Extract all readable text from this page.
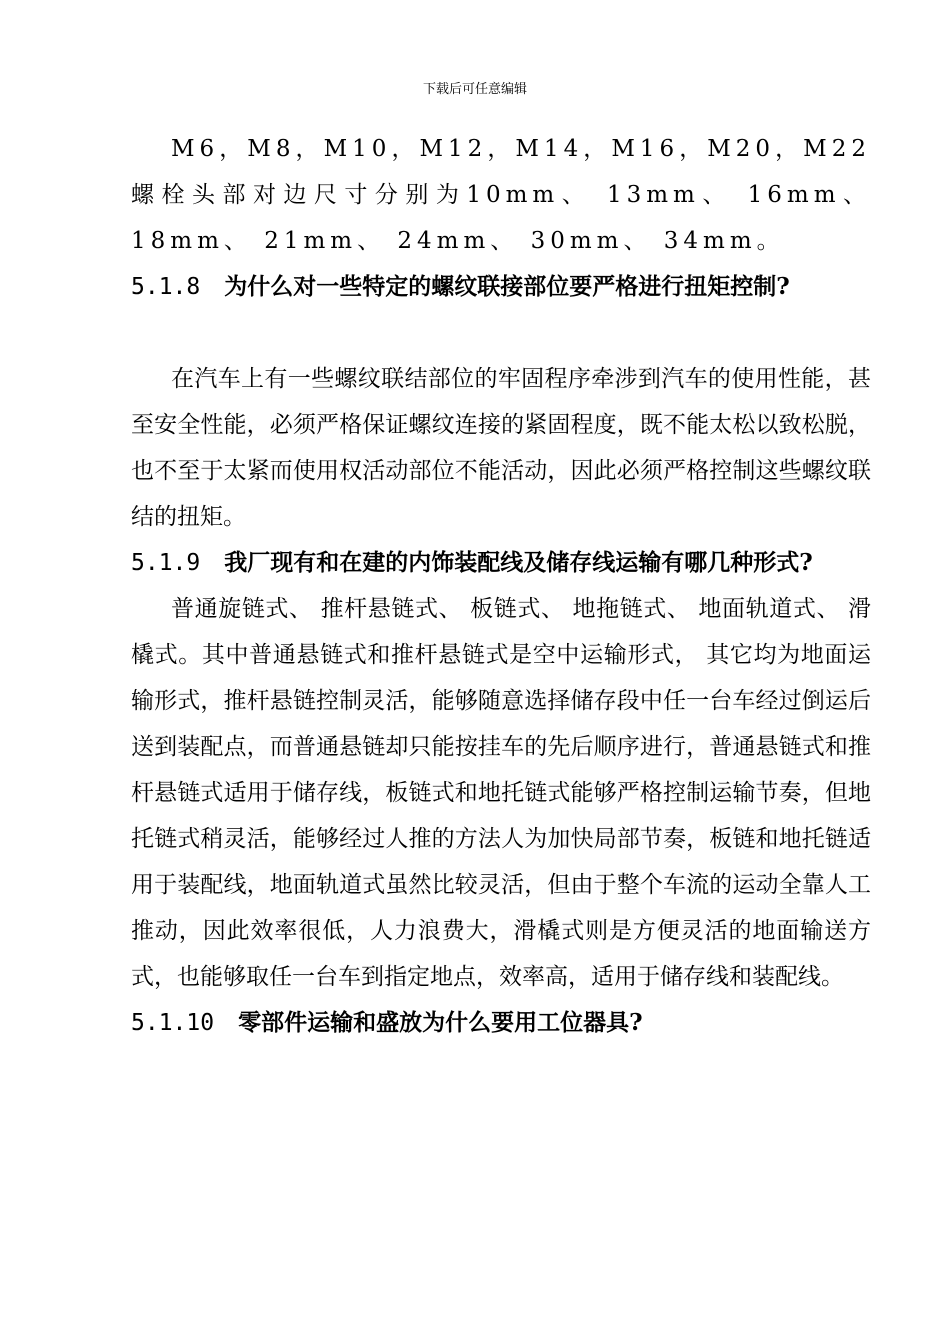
下载后可任意编辑

M6，M8，M10，M12，M14，M16，M20，M22螺栓头部对边尺寸分别为10mm、 13mm、 16mm、 18mm、 21mm、 24mm、 30mm、 34mm。

5.1.8 为什么对一些特定的螺纹联接部位要严格进行扭矩控制?

在汽车上有一些螺纹联结部位的牢固程序牵涉到汽车的使用性能，甚至安全性能，必须严格保证螺纹连接的紧固程度，既不能太松以致松脱，也不至于太紧而使用权活动部位不能活动，因此必须严格控制这些螺纹联结的扭矩。

5.1.9 我厂现有和在建的内饰装配线及储存线运输有哪几种形式?

普通旋链式、 推杆悬链式、 板链式、 地拖链式、 地面轨道式、 滑橇式。其中普通悬链式和推杆悬链式是空中运输形式， 其它均为地面运输形式，推杆悬链控制灵活，能够随意选择储存段中任一台车经过倒运后送到装配点，而普通悬链却只能按挂车的先后顺序进行，普通悬链式和推杆悬链式适用于储存线，板链式和地托链式能够严格控制运输节奏，但地托链式稍灵活，能够经过人推的方法人为加快局部节奏，板链和地托链适用于装配线，地面轨道式虽然比较灵活，但由于整个车流的运动全靠人工推动，因此效率很低，人力浪费大，滑橇式则是方便灵活的地面输送方式，也能够取任一台车到指定地点，效率高，适用于储存线和装配线。

5.1.10 零部件运输和盛放为什么要用工位器具?
